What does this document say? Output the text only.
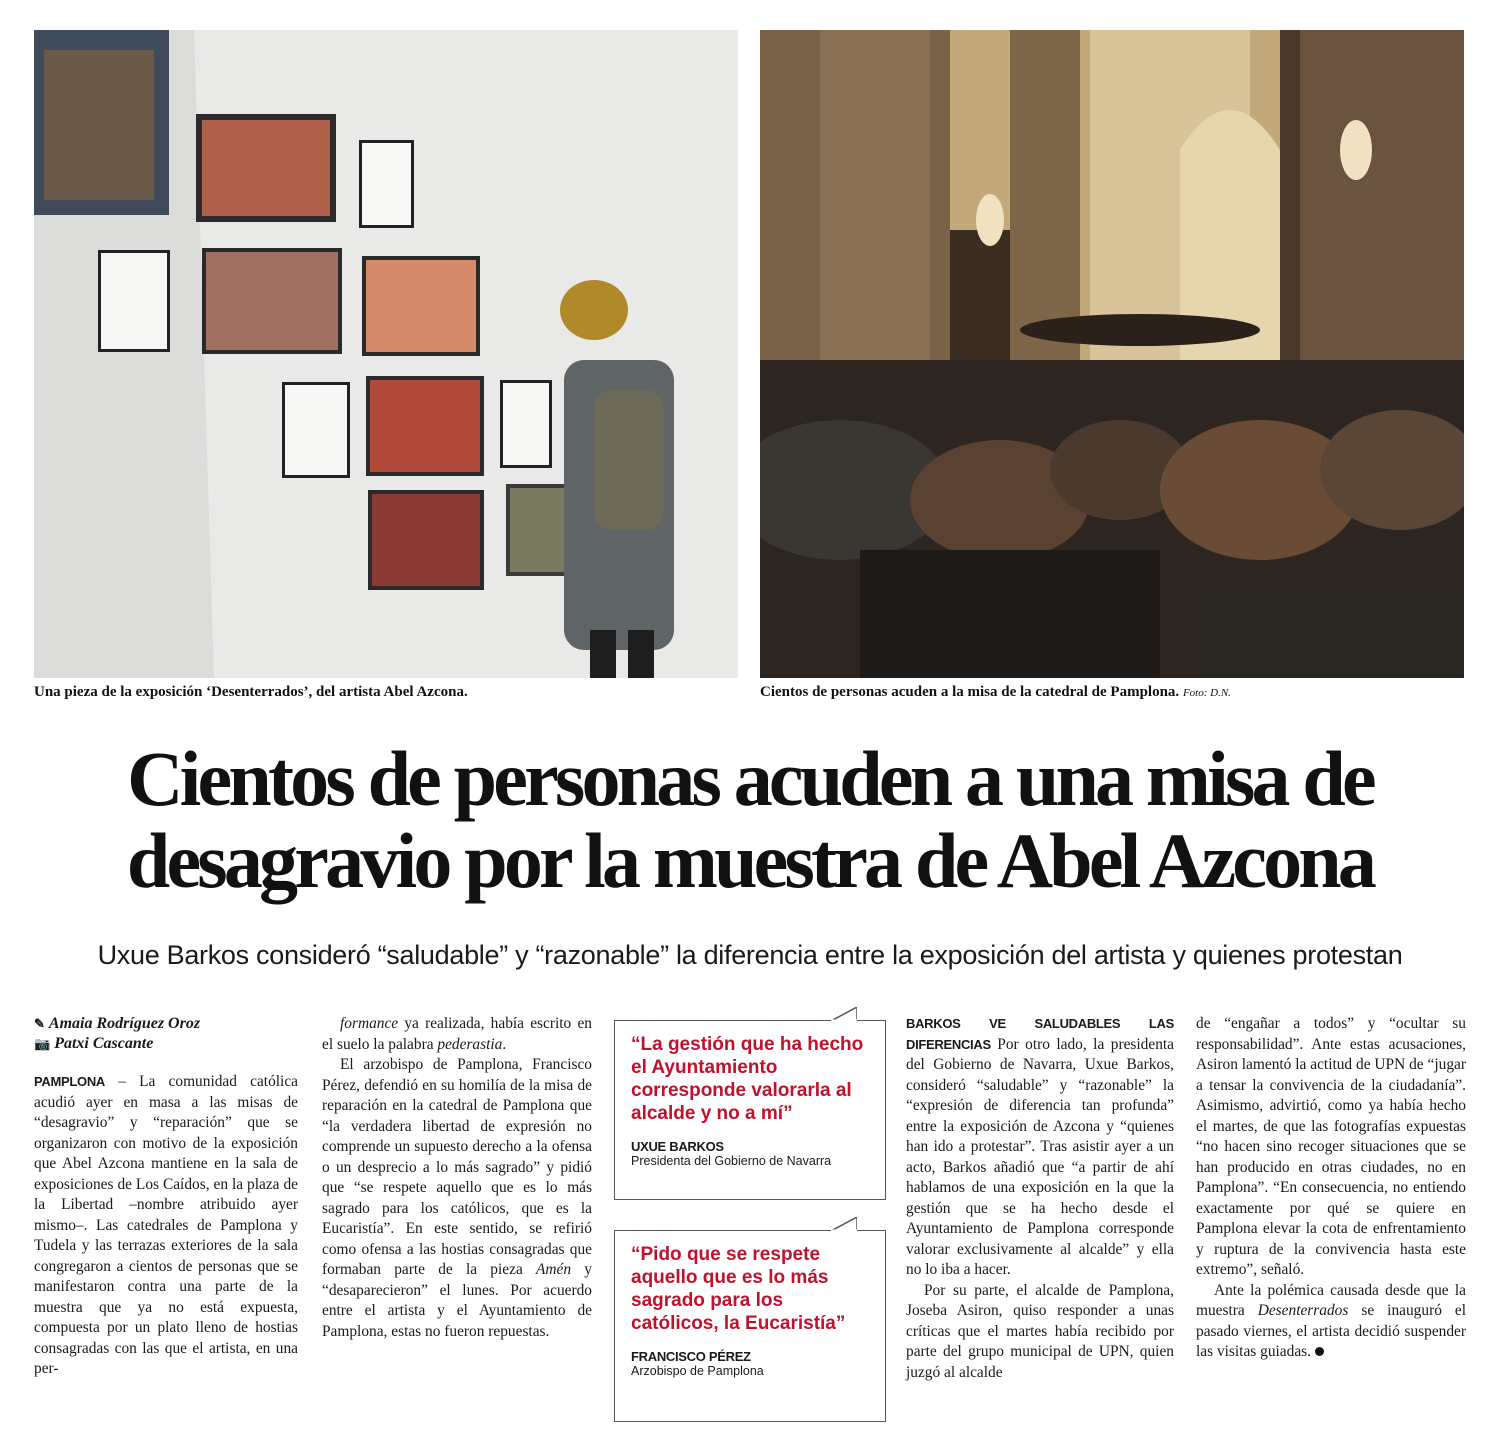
Una pieza de la exposición ‘Desenterrados’, del artista Abel Azcona.	Cientos de personas acuden a la misa de la catedral de Pamplona. Foto: D.N.
Cientos de personas acuden a una misa de
desagravio por la muestra de Abel Azcona

Uxue Barkos consideró “saludable” y “razonable” la diferencia entre la exposición del artista y quienes protestan

✎ Amaia Rodríguez Oroz
📷 Patxi Cascante

PAMPLONA – La comunidad católica acudió ayer en masa a las misas de “desagravio” y “reparación” que se organizaron con motivo de la exposición que Abel Azcona mantiene en la sala de exposiciones de Los Caídos, en la plaza de la Libertad –nombre atribuido ayer mismo–. Las catedrales de Pamplona y Tudela y las terrazas exteriores de la sala congregaron a cientos de personas que se manifestaron contra una parte de la muestra que ya no está expuesta, compuesta por un plato lleno de hostias consagradas con las que el artista, en una per-

formance ya realizada, había escrito en el suelo la palabra pederastia.

El arzobispo de Pamplona, Francisco Pérez, defendió en su homilía de la misa de reparación en la catedral de Pamplona que “la verdadera libertad de expresión no comprende un supuesto derecho a la ofensa o un desprecio a lo más sagrado” y pidió que “se respete aquello que es lo más sagrado para los católicos, que es la Eucaristía”. En este sentido, se refirió como ofensa a las hostias consagradas que formaban parte de la pieza Amén y “desaparecieron” el lunes. Por acuerdo entre el artista y el Ayuntamiento de Pamplona, estas no fueron repuestas.

“La gestión que ha hecho el Ayuntamiento corresponde valorarla al alcalde y no a mí”

UXUE BARKOS
Presidenta del Gobierno de Navarra

“Pido que se respete aquello que es lo más sagrado para los católicos, la Eucaristía”

FRANCISCO PÉREZ
Arzobispo de Pamplona

BARKOS VE SALUDABLES LAS DIFERENCIAS Por otro lado, la presidenta del Gobierno de Navarra, Uxue Barkos, consideró “saludable” y “razonable” la “expresión de diferencia tan profunda” entre la exposición de Azcona y “quienes han ido a protestar”. Tras asistir ayer a un acto, Barkos añadió que “a partir de ahí hablamos de una exposición en la que la gestión que se ha hecho desde el Ayuntamiento de Pamplona corresponde valorar exclusivamente al alcalde” y ella no lo iba a hacer.

Por su parte, el alcalde de Pamplona, Joseba Asiron, quiso responder a unas críticas que el martes había recibido por parte del grupo municipal de UPN, quien juzgó al alcalde

de “engañar a todos” y “ocultar su responsabilidad”. Ante estas acusaciones, Asiron lamentó la actitud de UPN de “jugar a tensar la convivencia de la ciudadanía”. Asimismo, advirtió, como ya había hecho el martes, de que las fotografías expuestas “no hacen sino recoger situaciones que se han producido en otras ciudades, no en Pamplona”. “En consecuencia, no entiendo exactamente por qué se quiere en Pamplona elevar la cota de enfrentamiento y ruptura de la convivencia hasta este extremo”, señaló.

Ante la polémica causada desde que la muestra Desenterrados se inauguró el pasado viernes, el artista decidió suspender las visitas guiadas.
